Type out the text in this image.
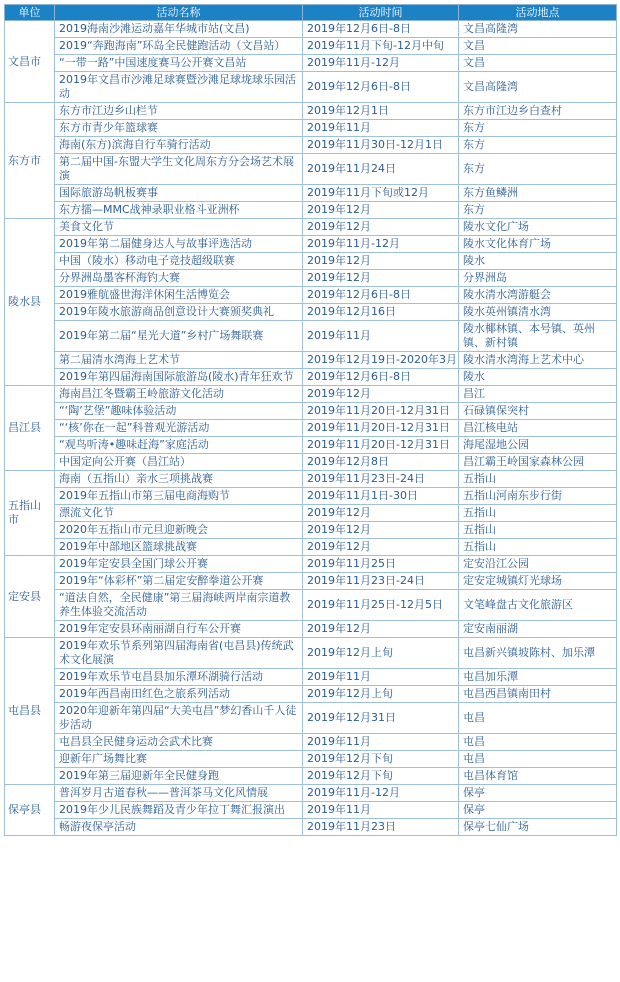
单位	活动名称	活动时间	活动地点
文昌市	2019海南沙滩运动嘉年华城市站(文昌)	2019年12月6日-8日	文昌高隆湾
	2019“奔跑海南”环岛全民健跑活动（文昌站）	2019年11月下旬-12月中旬	文昌
	“一带一路”中国速度赛马公开赛文昌站	2019年11月-12月	文昌
	2019年文昌市沙滩足球赛暨沙滩足球垅球乐园活动	2019年12月6日-8日	文昌高隆湾
东方市	东方市江边乡山栏节	2019年12月1日	东方市江边乡白查村
	东方市青少年篮球赛	2019年11月	东方
	海南(东方)滨海自行车骑行活动	2019年11月30日-12月1日	东方
	第二届中国-东盟大学生文化周东方分会场艺术展演	2019年11月24日	东方
	国际旅游岛帆板赛事	2019年11月下旬或12月	东方鱼鳞洲
	东方擂—MMC战神录职业格斗亚洲杯	2019年12月	东方
陵水县	美食文化节	2019年12月	陵水文化广场
	2019年第二届健身达人与故事评选活动	2019年11月-12月	陵水文化体育广场
	中国（陵水）移动电子竞技超级联赛	2019年12月	陵水
	分界洲岛墨客杯海钓大赛	2019年12月	分界洲岛
	2019雅航盛世海洋休闲生活博览会	2019年12月6日-8日	陵水清水湾游艇会
	2019年陵水旅游商品创意设计大赛颁奖典礼	2019年12月16日	陵水英州镇清水湾
	2019年第二届“星光大道”乡村广场舞联赛	2019年11月	陵水椰林镇、本号镇、英州镇、新村镇
	第二届清水湾海上艺术节	2019年12月19日-2020年3月	陵水清水湾海上艺术中心
	2019年第四届海南国际旅游岛(陵水)青年狂欢节	2019年12月6日-8日	陵水
昌江县	海南昌江冬暨霸王岭旅游文化活动	2019年12月	昌江
	“‘陶’艺堡”趣味体验活动	2019年11月20日-12月31日	石碌镇保突村
	“‘核’你在一起”科普观光游活动	2019年11月20日-12月31日	昌江核电站
	“观鸟听涛•趣味赶海”家庭活动	2019年11月20日-12月31日	海尾湿地公园
	中国定向公开赛（昌江站）	2019年12月8日	昌江霸王岭国家森林公园
五指山市	海南（五指山）亲水三项挑战赛	2019年11月23日-24日	五指山
	2019年五指山市第三届电商海购节	2019年11月1日-30日	五指山河南东步行街
	漂流文化节	2019年12月	五指山
	2020年五指山市元旦迎新晚会	2019年12月	五指山
	2019年中部地区篮球挑战赛	2019年12月	五指山
定安县	2019年定安县全国门球公开赛	2019年11月25日	定安沿江公园
	2019年“体彩杯”第二届定安醉拳道公开赛	2019年11月23日-24日	定安定城镇灯光球场
	“道法自然，全民健康”第三届海峡两岸南宗道教养生体验交流活动	2019年11月25日-12月5日	文笔峰盘古文化旅游区
	2019年定安县环南丽湖自行车公开赛	2019年12月	定安南丽湖
屯昌县	2019年欢乐节系列第四届海南省(屯昌县)传统武术文化展演	2019年12月上旬	屯昌新兴镇坡陈村、加乐潭
	2019年欢乐节屯昌县加乐潭环湖骑行活动	2019年11月	屯昌加乐潭
	2019年西昌南田红色之旅系列活动	2019年12月上旬	屯昌西昌镇南田村
	2020年迎新年第四届“大美屯昌”梦幻香山千人徒步活动	2019年12月31日	屯昌
	屯昌县全民健身运动会武术比赛	2019年11月	屯昌
	迎新年广场舞比赛	2019年12月下旬	屯昌
	2019年第三届迎新年全民健身跑	2019年12月下旬	屯昌体育馆
保亭县	普洱岁月古道春秋——普洱茶马文化风情展	2019年11月-12月	保亭
	2019年少儿民族舞蹈及青少年拉丁舞汇报演出	2019年11月	保亭
	畅游夜保亭活动	2019年11月23日	保亭七仙广场
